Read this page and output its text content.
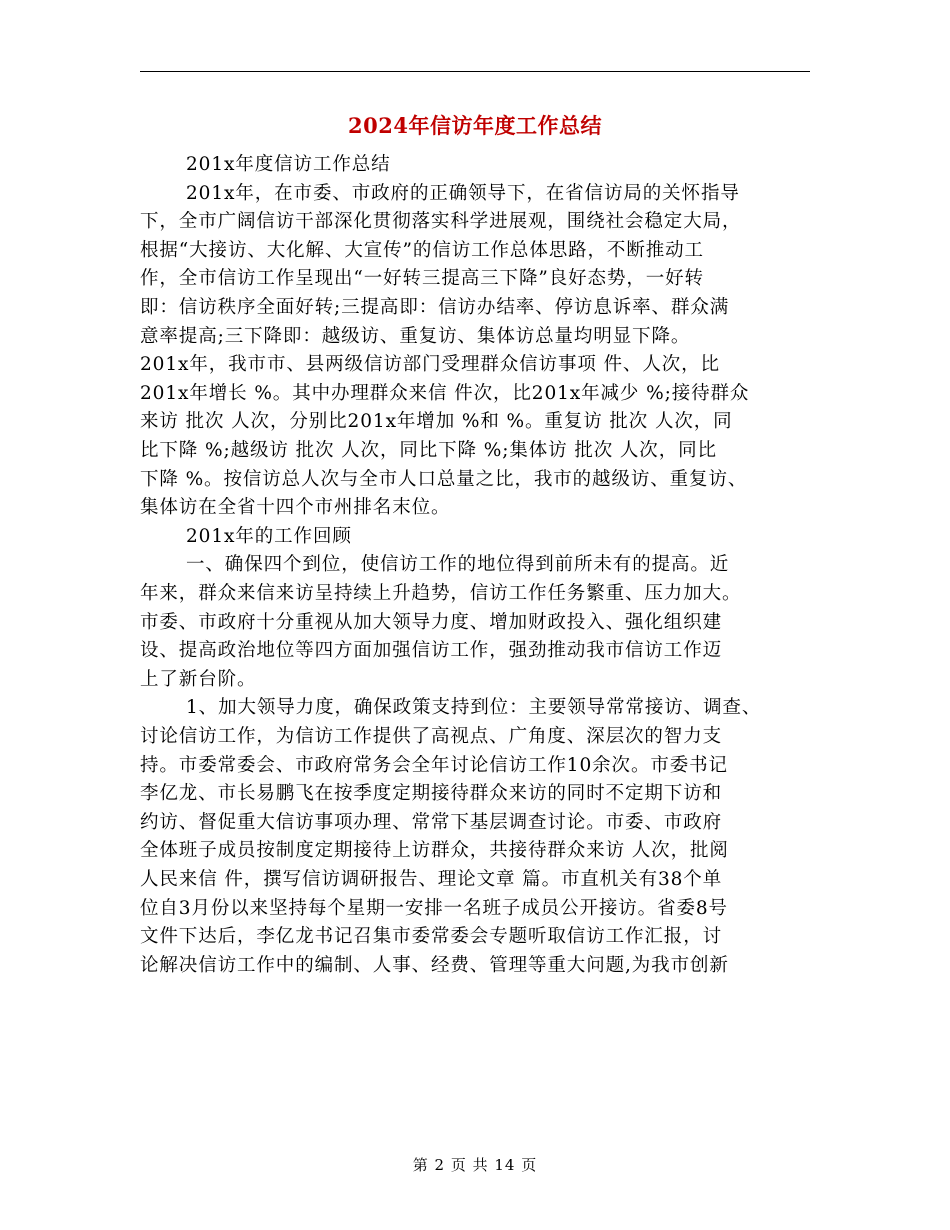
2024年信访年度工作总结
201x年度信访工作总结
201x年，在市委、市政府的正确领导下，在省信访局的关怀指导
下，全市广阔信访干部深化贯彻落实科学进展观，围绕社会稳定大局，
根据“大接访、大化解、大宣传”的信访工作总体思路，不断推动工
作，全市信访工作呈现出“一好转三提高三下降”良好态势，一好转
即：信访秩序全面好转;三提高即：信访办结率、停访息诉率、群众满
意率提高;三下降即：越级访、重复访、集体访总量均明显下降。
201x年，我市市、县两级信访部门受理群众信访事项 件、人次，比
201x年增长 %。其中办理群众来信 件次，比201x年减少 %;接待群众
来访 批次 人次，分别比201x年增加 %和 %。重复访 批次 人次，同
比下降 %;越级访 批次 人次，同比下降 %;集体访 批次 人次，同比
下降 %。按信访总人次与全市人口总量之比，我市的越级访、重复访、
集体访在全省十四个市州排名末位。
201x年的工作回顾
一、确保四个到位，使信访工作的地位得到前所未有的提高。近
年来，群众来信来访呈持续上升趋势，信访工作任务繁重、压力加大。
市委、市政府十分重视从加大领导力度、增加财政投入、强化组织建
设、提高政治地位等四方面加强信访工作，强劲推动我市信访工作迈
上了新台阶。
1、加大领导力度，确保政策支持到位：主要领导常常接访、调查、
讨论信访工作，为信访工作提供了高视点、广角度、深层次的智力支
持。市委常委会、市政府常务会全年讨论信访工作10余次。市委书记
李亿龙、市长易鹏飞在按季度定期接待群众来访的同时不定期下访和
约访、督促重大信访事项办理、常常下基层调查讨论。市委、市政府
全体班子成员按制度定期接待上访群众，共接待群众来访 人次，批阅
人民来信 件，撰写信访调研报告、理论文章 篇。市直机关有38个单
位自3月份以来坚持每个星期一安排一名班子成员公开接访。省委8号
文件下达后，李亿龙书记召集市委常委会专题听取信访工作汇报，讨
论解决信访工作中的编制、人事、经费、管理等重大问题,为我市创新
第 2 页 共 14 页
